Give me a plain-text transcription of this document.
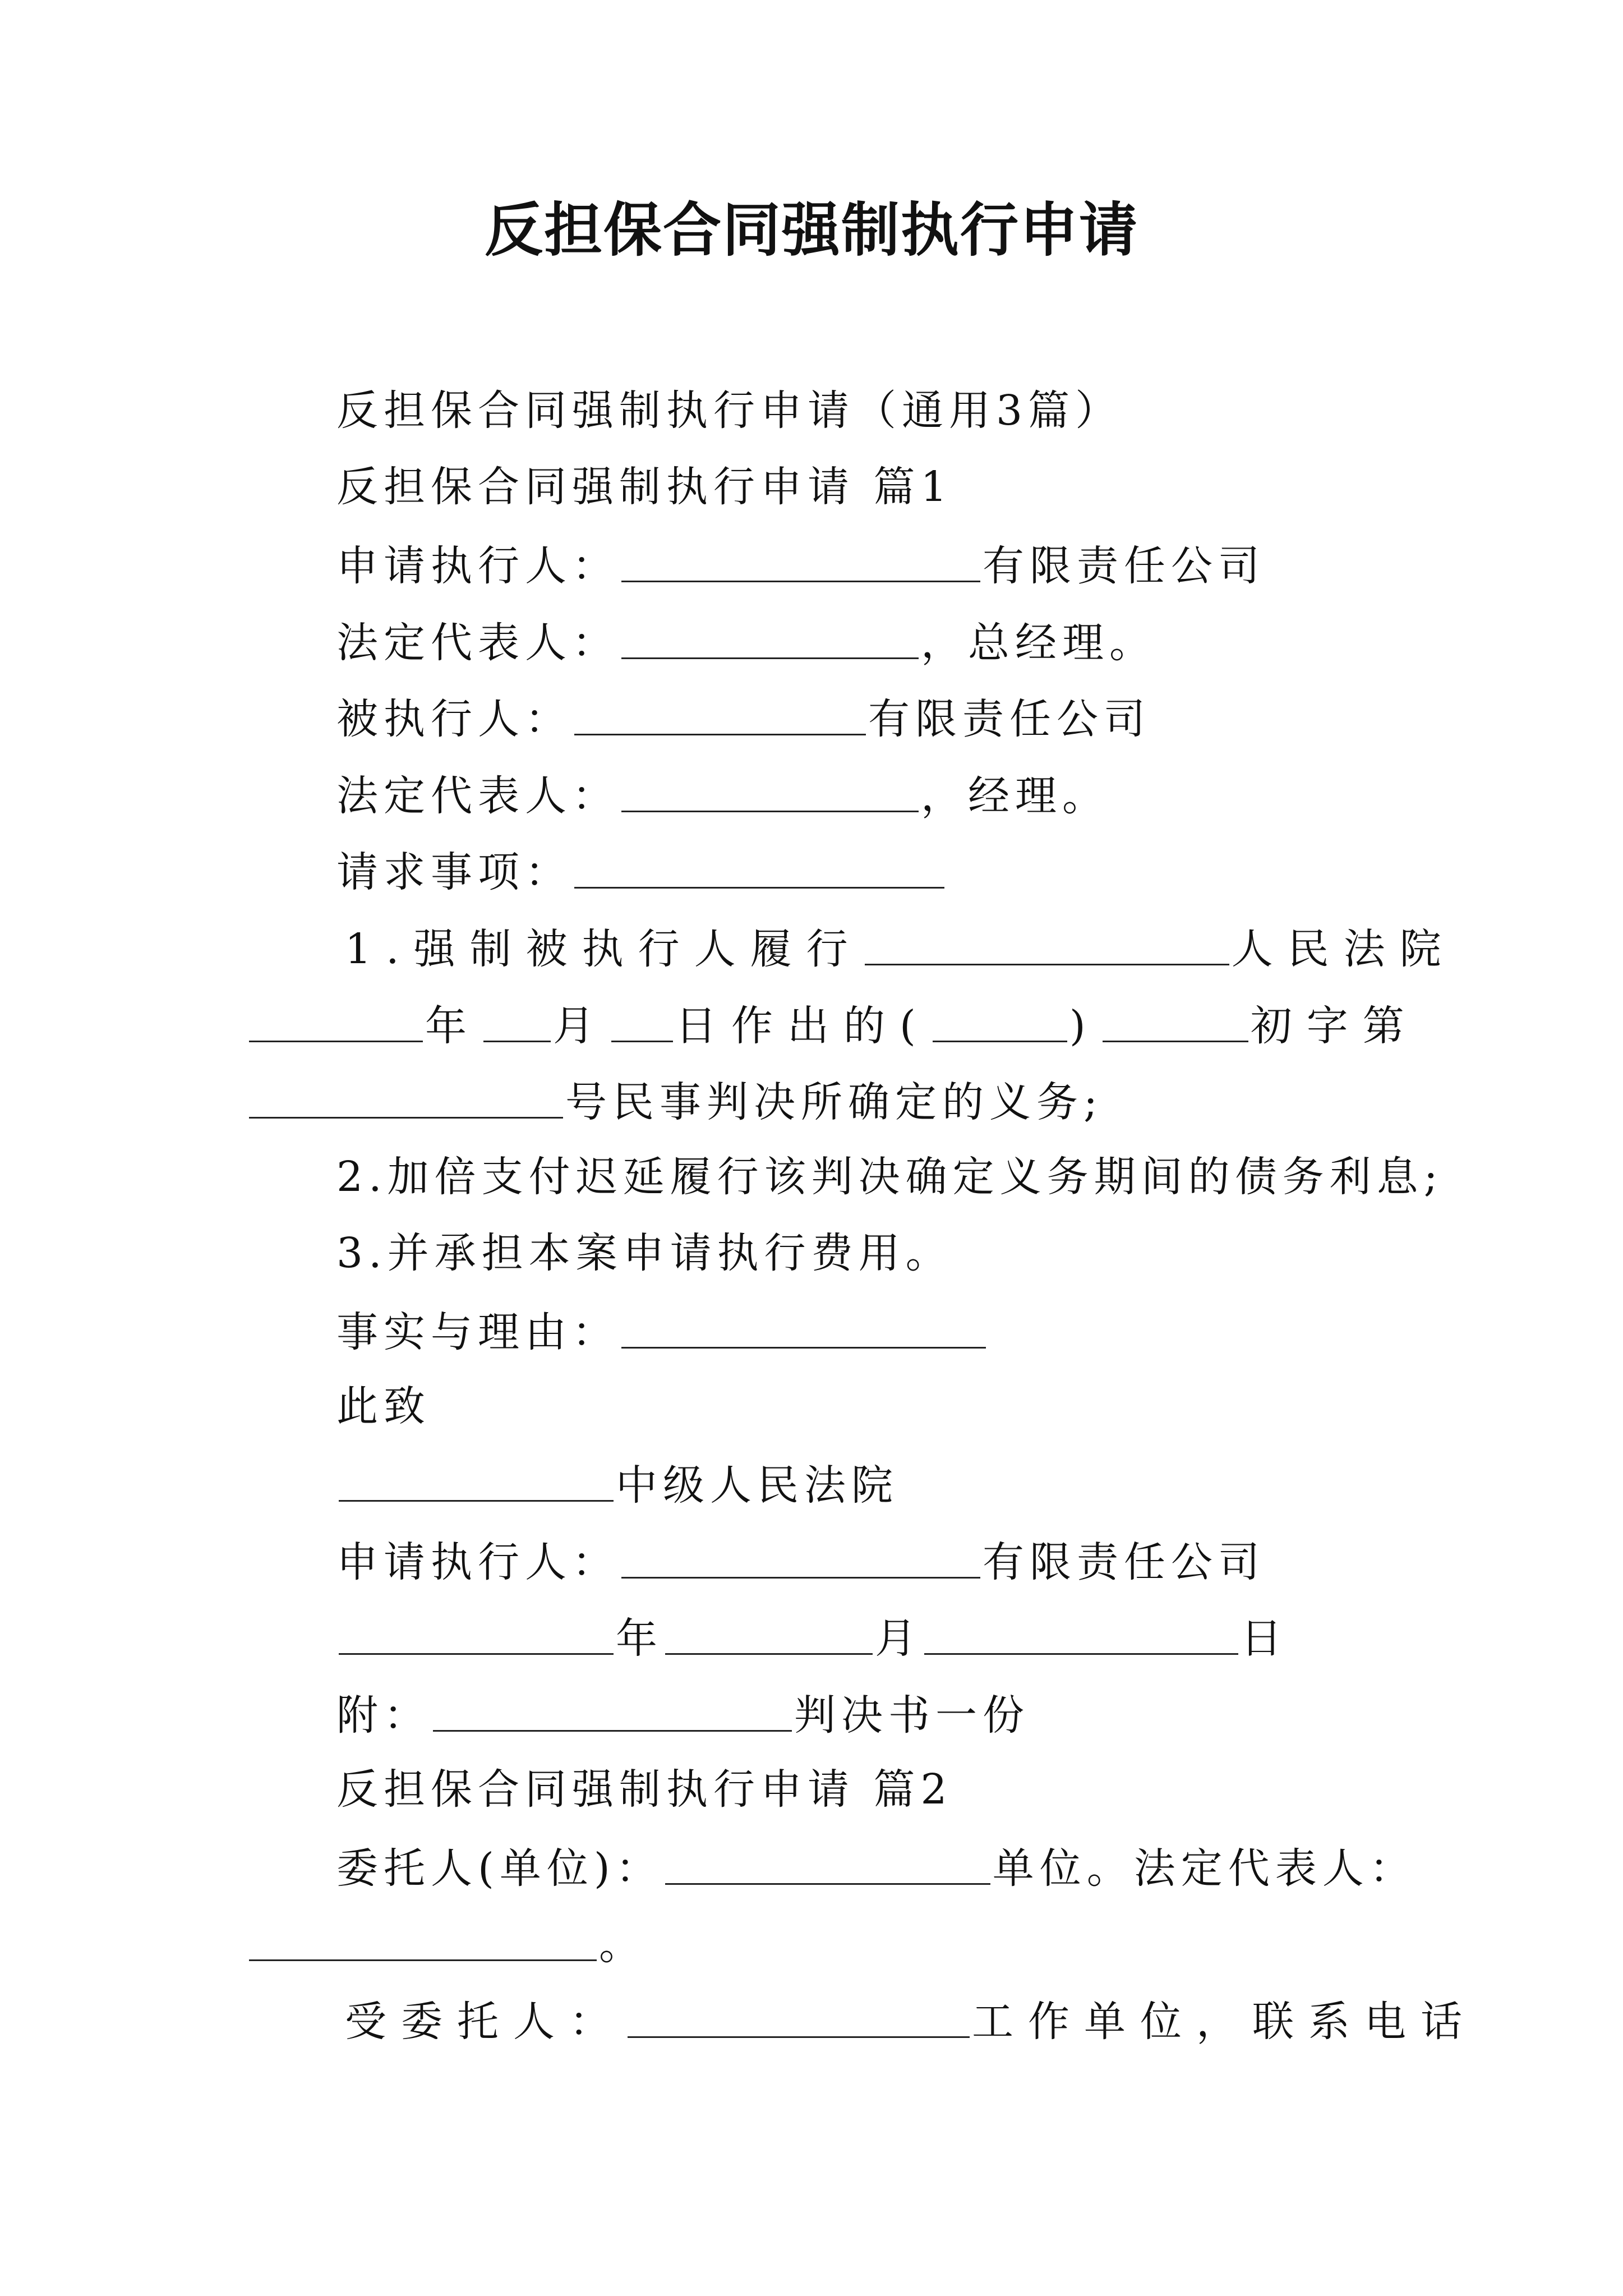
反担保合同强制执行申请
反担保合同强制执行申请（通用3篇）
反担保合同强制执行申请 篇1
申请执行人：	有限责任公司
法定代表人：	，总经理。
被执行人：	有限责任公司
法定代表人：	，经理。
请求事项：
1.强制被执行人履行	人民法院
年 月 日作出的(	)	初字第
号民事判决所确定的义务;
2.加倍支付迟延履行该判决确定义务期间的债务利息;
3.并承担本案申请执行费用。
事实与理由：
此致
中级人民法院
申请执行人：	有限责任公司
年	月	日
附：	判决书一份
反担保合同强制执行申请 篇2
委托人(单位)：	单位。法定代表人：
。
受委托人：	工作单位，联系电话
